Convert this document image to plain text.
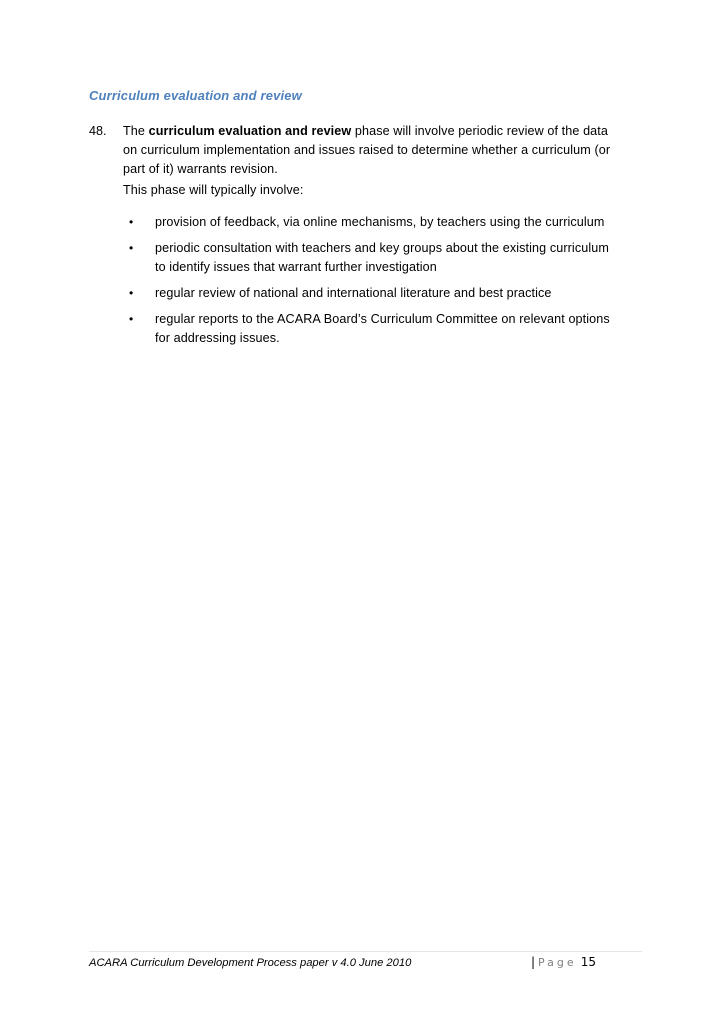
Curriculum evaluation and review
48. The curriculum evaluation and review phase will involve periodic review of the data
on curriculum implementation and issues raised to determine whether a curriculum (or
part of it) warrants revision.
This phase will typically involve:
• provision of feedback, via online mechanisms, by teachers using the curriculum
• periodic consultation with teachers and key groups about the existing curriculum
to identify issues that warrant further investigation
• regular review of national and international literature and best practice
• regular reports to the ACARA Board’s Curriculum Committee on relevant options
for addressing issues.
ACARA Curriculum Development Process paper v 4.0 June 2010	| Page 15
